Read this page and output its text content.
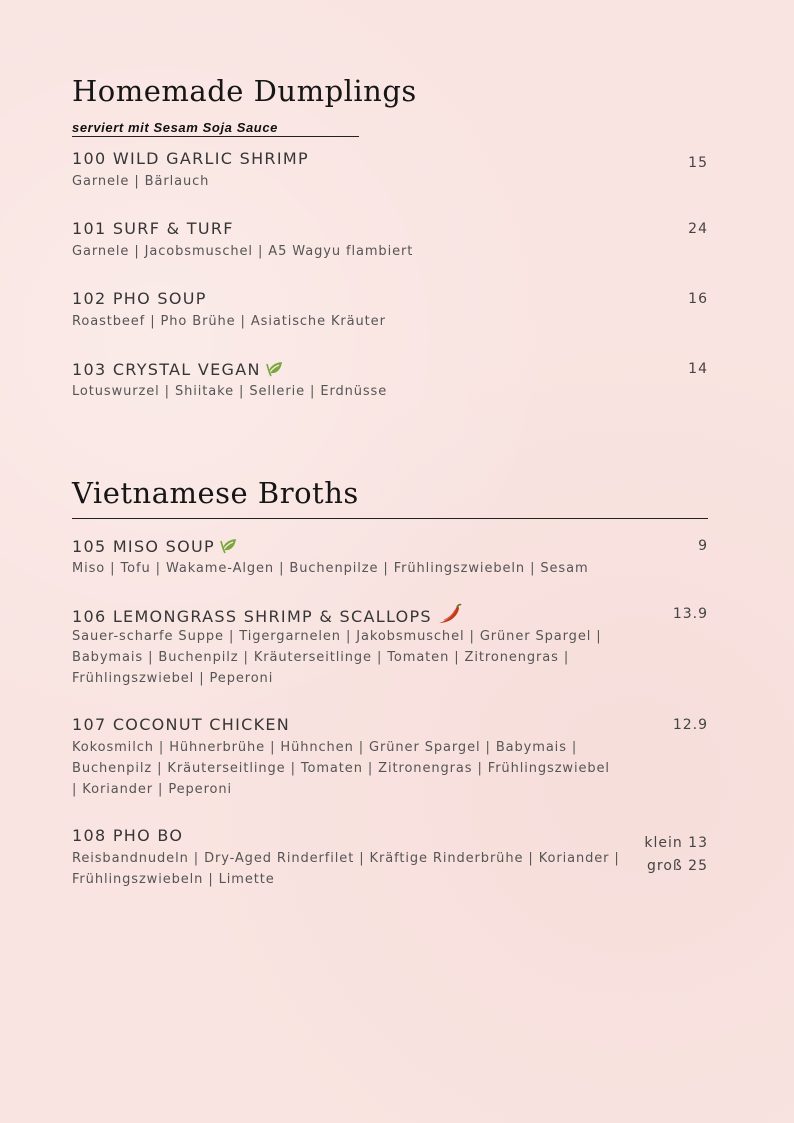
Homemade Dumplings
serviert mit Sesam Soja Sauce
100 WILD GARLIC SHRIMP
Garnele | Bärlauch
15
101 SURF & TURF
Garnele | Jacobsmuschel | A5 Wagyu flambiert
24
102 PHO SOUP
Roastbeef | Pho Brühe | Asiatische Kräuter
16
103 CRYSTAL VEGAN
Lotuswurzel | Shiitake | Sellerie | Erdnüsse
14
Vietnamese Broths
105 MISO SOUP
Miso | Tofu | Wakame-Algen | Buchenpilze | Frühlingszwiebeln | Sesam
9
106 LEMONGRASS SHRIMP & SCALLOPS
Sauer-scharfe Suppe | Tigergarnelen | Jakobsmuschel | Grüner Spargel | Babymais | Buchenpilz | Kräuterseitlinge | Tomaten | Zitronengras | Frühlingszwiebel | Peperoni
13.9
107 COCONUT CHICKEN
Kokosmilch | Hühnerbrühe | Hühnchen | Grüner Spargel | Babymais | Buchenpilz | Kräuterseitlinge | Tomaten | Zitronengras | Frühlingszwiebel | Koriander | Peperoni
12.9
108 PHO BO
Reisbandnudeln | Dry-Aged Rinderfilet | Kräftige Rinderbrühe | Koriander | Frühlingszwiebeln | Limette
klein 13
groß 25
